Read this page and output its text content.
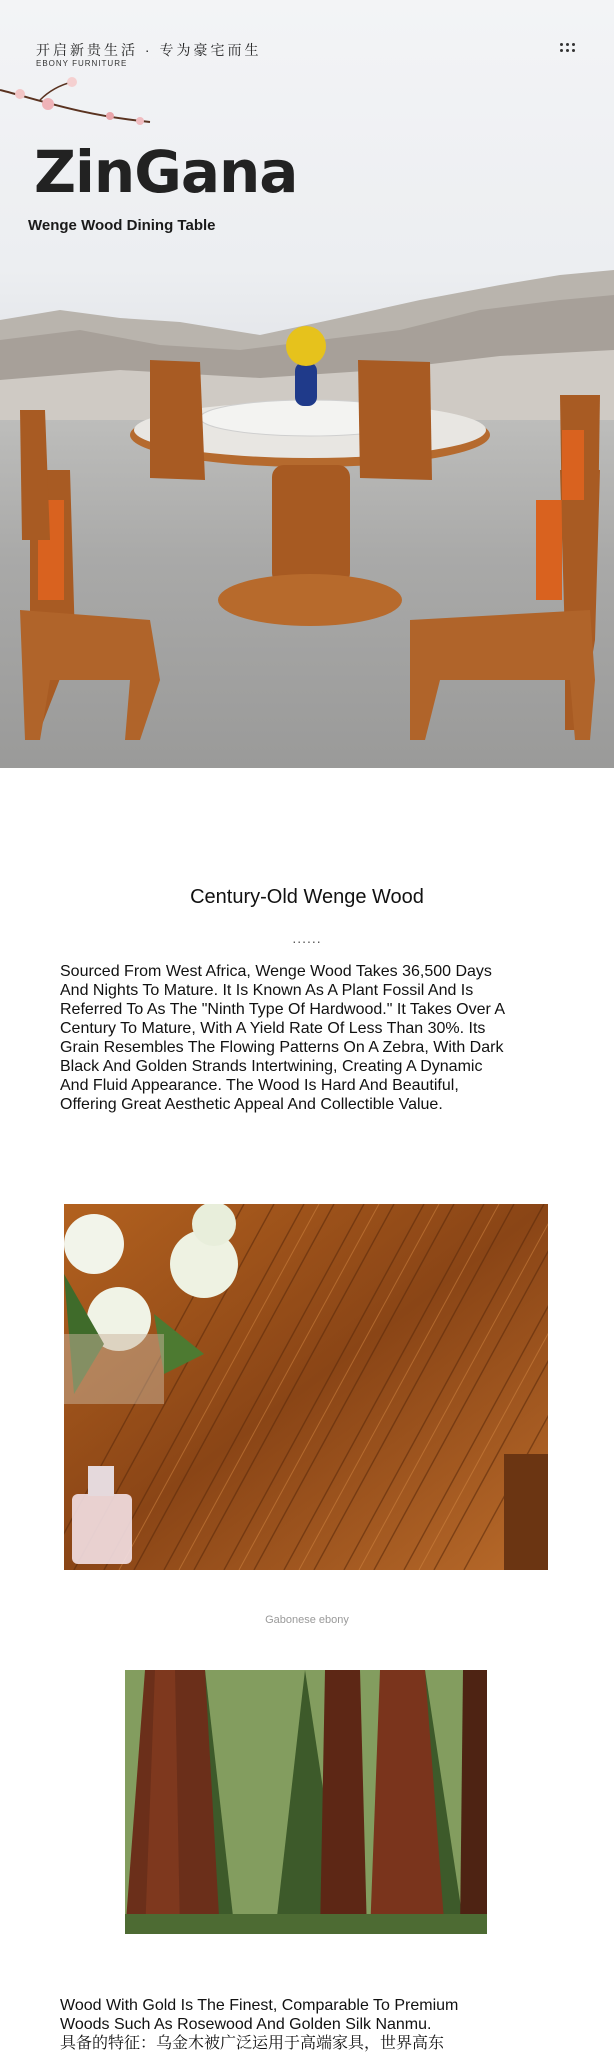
开启新贵生活 · 专为豪宅而生
EBONY FURNITURE
ZinGana
Wenge Wood Dining Table
Century-Old Wenge Wood
......

Sourced From West Africa, Wenge Wood Takes 36,500 Days And Nights To Mature. It Is Known As A Plant Fossil And Is Referred To As The "Ninth Type Of Hardwood." It Takes Over A Century To Mature, With A Yield Rate Of Less Than 30%. Its Grain Resembles The Flowing Patterns On A Zebra, With Dark Black And Golden Strands Intertwining, Creating A Dynamic And Fluid Appearance. The Wood Is Hard And Beautiful, Offering Great Aesthetic Appeal And Collectible Value.

Gabonese ebony

Wood With Gold Is The Finest, Comparable To Premium Woods Such As Rosewood And Golden Silk Nanmu.
具备的特征：乌金木被广泛运用于高端家具，世界高东
